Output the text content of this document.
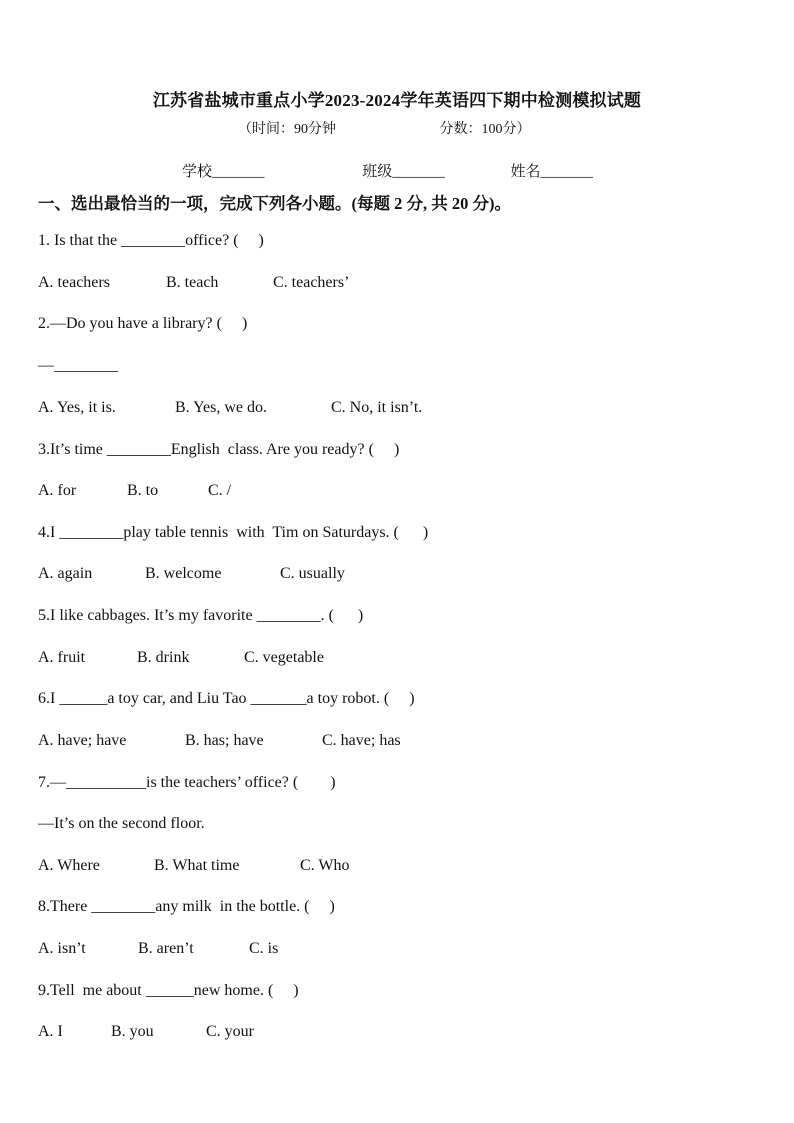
江苏省盐城市重点小学2023-2024学年英语四下期中检测模拟试题
（时间：90分钟	分数：100分）
学校_______	班级_______	姓名_______
一、选出最恰当的一项，完成下列各小题。(每题 2 分, 共 20 分)。
1. Is that the ________office? (     )
A. teachers	B. teach	C. teachers’
2.—Do you have a library? (     )
—________
A. Yes, it is.	B. Yes, we do.	C. No, it isn’t.
3.It’s time ________English  class. Are you ready? (     )
A. for	B. to	C. /
4.I ________play table tennis  with  Tim on Saturdays. (      )
A. again	B. welcome	C. usually
5.I like cabbages. It’s my favorite ________. (      )
A. fruit	B. drink	C. vegetable
6.I ______a toy car, and Liu Tao _______a toy robot. (     )
A. have; have	B. has; have	C. have; has
7.—__________is the teachers’ office? (        )
—It’s on the second floor.
A. Where	B. What time	C. Who
8.There ________any milk  in the bottle. (     )
A. isn’t	B. aren’t	C. is
9.Tell  me about ______new home. (     )
A. I	B. you	C. your
